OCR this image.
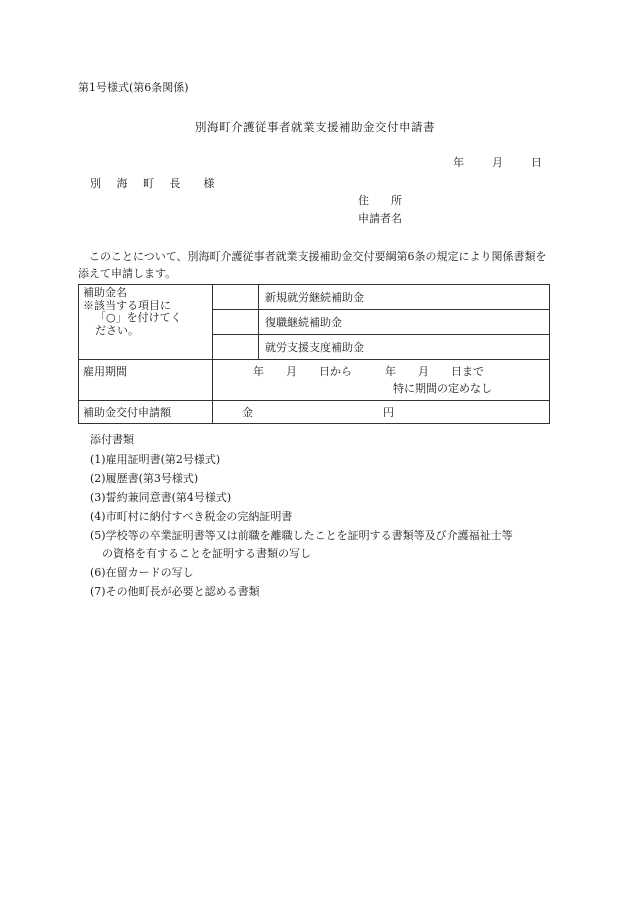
第1号様式(第6条関係)
別海町介護従事者就業支援補助金交付申請書
年	月	日
別 海 町 長　様
住　　所
申請者名
このことについて、別海町介護従事者就業支援補助金交付要綱第6条の規定により関係書類を添えて申請します。
補助金名
※該当する項目に
「○」を付けてく
ださい。		新規就労継続補助金
		復職継続補助金
		就労支援支度補助金
雇用期間	年　　月　　日から　　　年　　月　　日まで
特に期間の定めなし	

補助金交付申請額	金 円	
添付書類
(1)雇用証明書(第2号様式)
(2)履歴書(第3号様式)
(3)誓約兼同意書(第4号様式)
(4)市町村に納付すべき税金の完納証明書
(5)学校等の卒業証明書等又は前職を離職したことを証明する書類等及び介護福祉士等
の資格を有することを証明する書類の写し
(6)在留カードの写し
(7)その他町長が必要と認める書類
